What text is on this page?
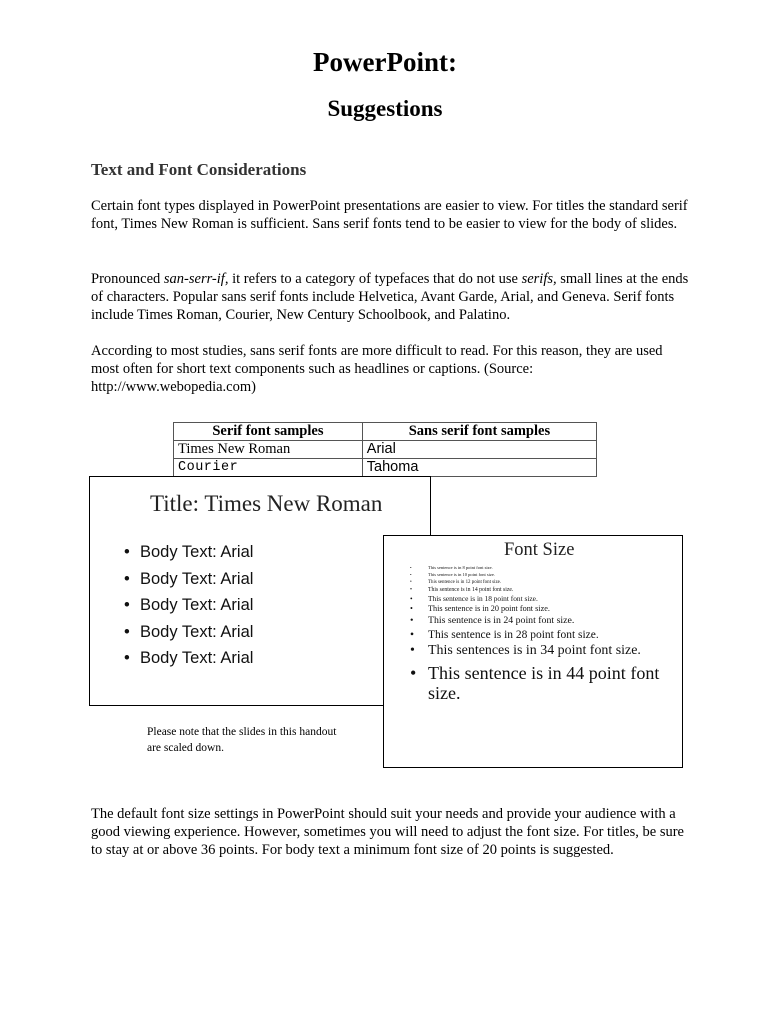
PowerPoint:
Suggestions
Text and Font Considerations
Certain font types displayed in PowerPoint presentations are easier to view. For titles the standard serif font, Times New Roman is sufficient. Sans serif fonts tend to be easier to view for the body of slides.
Pronounced san-serr-if, it refers to a category of typefaces that do not use serifs, small lines at the ends of characters. Popular sans serif fonts include Helvetica, Avant Garde, Arial, and Geneva. Serif fonts include Times Roman, Courier, New Century Schoolbook, and Palatino.
According to most studies, sans serif fonts are more difficult to read. For this reason, they are used most often for short text components such as headlines or captions. (Source: http://www.webopedia.com)
Serif font samples	Sans serif font samples
Times New Roman	Arial
Courier	Tahoma
Title: Times New Roman
• Body Text: Arial
• Body Text: Arial
• Body Text: Arial
• Body Text: Arial
• Body Text: Arial
Font Size
•	This sentence is in 8 point font size.
•	This sentence is in 10 point font size.
•	This sentence is in 12 point font size.
•	This sentence is in 14 point font size.
• This sentence is in 18 point font size.
• This sentence is in 20 point font size.
• This sentence is in 24 point font size.
• This sentence is in 28 point font size.
• This sentences is in 34 point font size.
• This sentence is in 44 point font size.
Please note that the slides in this handout are scaled down.
The default font size settings in PowerPoint should suit your needs and provide your audience with a good viewing experience. However, sometimes you will need to adjust the font size. For titles, be sure to stay at or above 36 points. For body text a minimum font size of 20 points is suggested.
